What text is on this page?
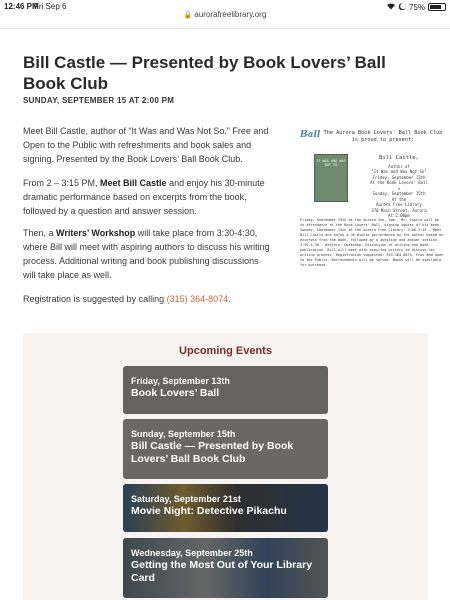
12:46 PM
Fri Sep 6	75%
🔒 aurorafreelibrary.org
Bill Castle — Presented by Book Lovers’ Ball Book Club
SUNDAY, SEPTEMBER 15 AT 2:00 PM

Meet Bill Castle, author of “It Was and Was Not So.” Free and Open to the Public with refreshments and book sales and signing. Presented by the Book Lovers’ Ball Book Club.

From 2 – 3:15 PM, Meet Bill Castle and enjoy his 30-minute dramatic performance based on excerpts from the book, followed by a question and answer session.

Then, a Writers’ Workshop will take place from 3:30-4:30, where Bill will meet with aspiring authors to discuss his writing process. Additional writing and book publishing discussions will take place as well.

Registration is suggested by calling (315) 364-8074.

Ball The Aurora Book Lovers' Ball Book Club is proud to present:
IT WAS AND WAS NOT SO
Bill Castle,
Author of
"It Was and Was Not So"
Friday, September 13th
At the Book Lovers' Ball
+
Sunday, September 15th
At the
Aurora Free Library
370 Main Street, Aurora
At 2:00pm
Friday, September 13th at the Aurora Inn, 5pm - Mr. Castle will be in attendance at the Book Lovers' Ball, signing copies of his book. Sunday, September 15th at the Aurora Free Library: 2:00-3:15 - Meet Bill Castle and enjoy a 30 minute performance by the author based on excerpts from the book, followed by a question and answer session. 3:30-4:30 - Writers' workshop. Discussion of writing and book publication. Bill will meet with aspiring writers to discuss his writing process. Registration suggested: 315-364-8074. Free and Open to the Public. Refreshments will be served. Books will be available for purchase.
Upcoming Events
Friday, September 13th
Book Lovers’ Ball
Sunday, September 15th
Bill Castle — Presented by Book Lovers’ Ball Book Club
Saturday, September 21st
Movie Night: Detective Pikachu
Wednesday, September 25th
Getting the Most Out of Your Library Card
